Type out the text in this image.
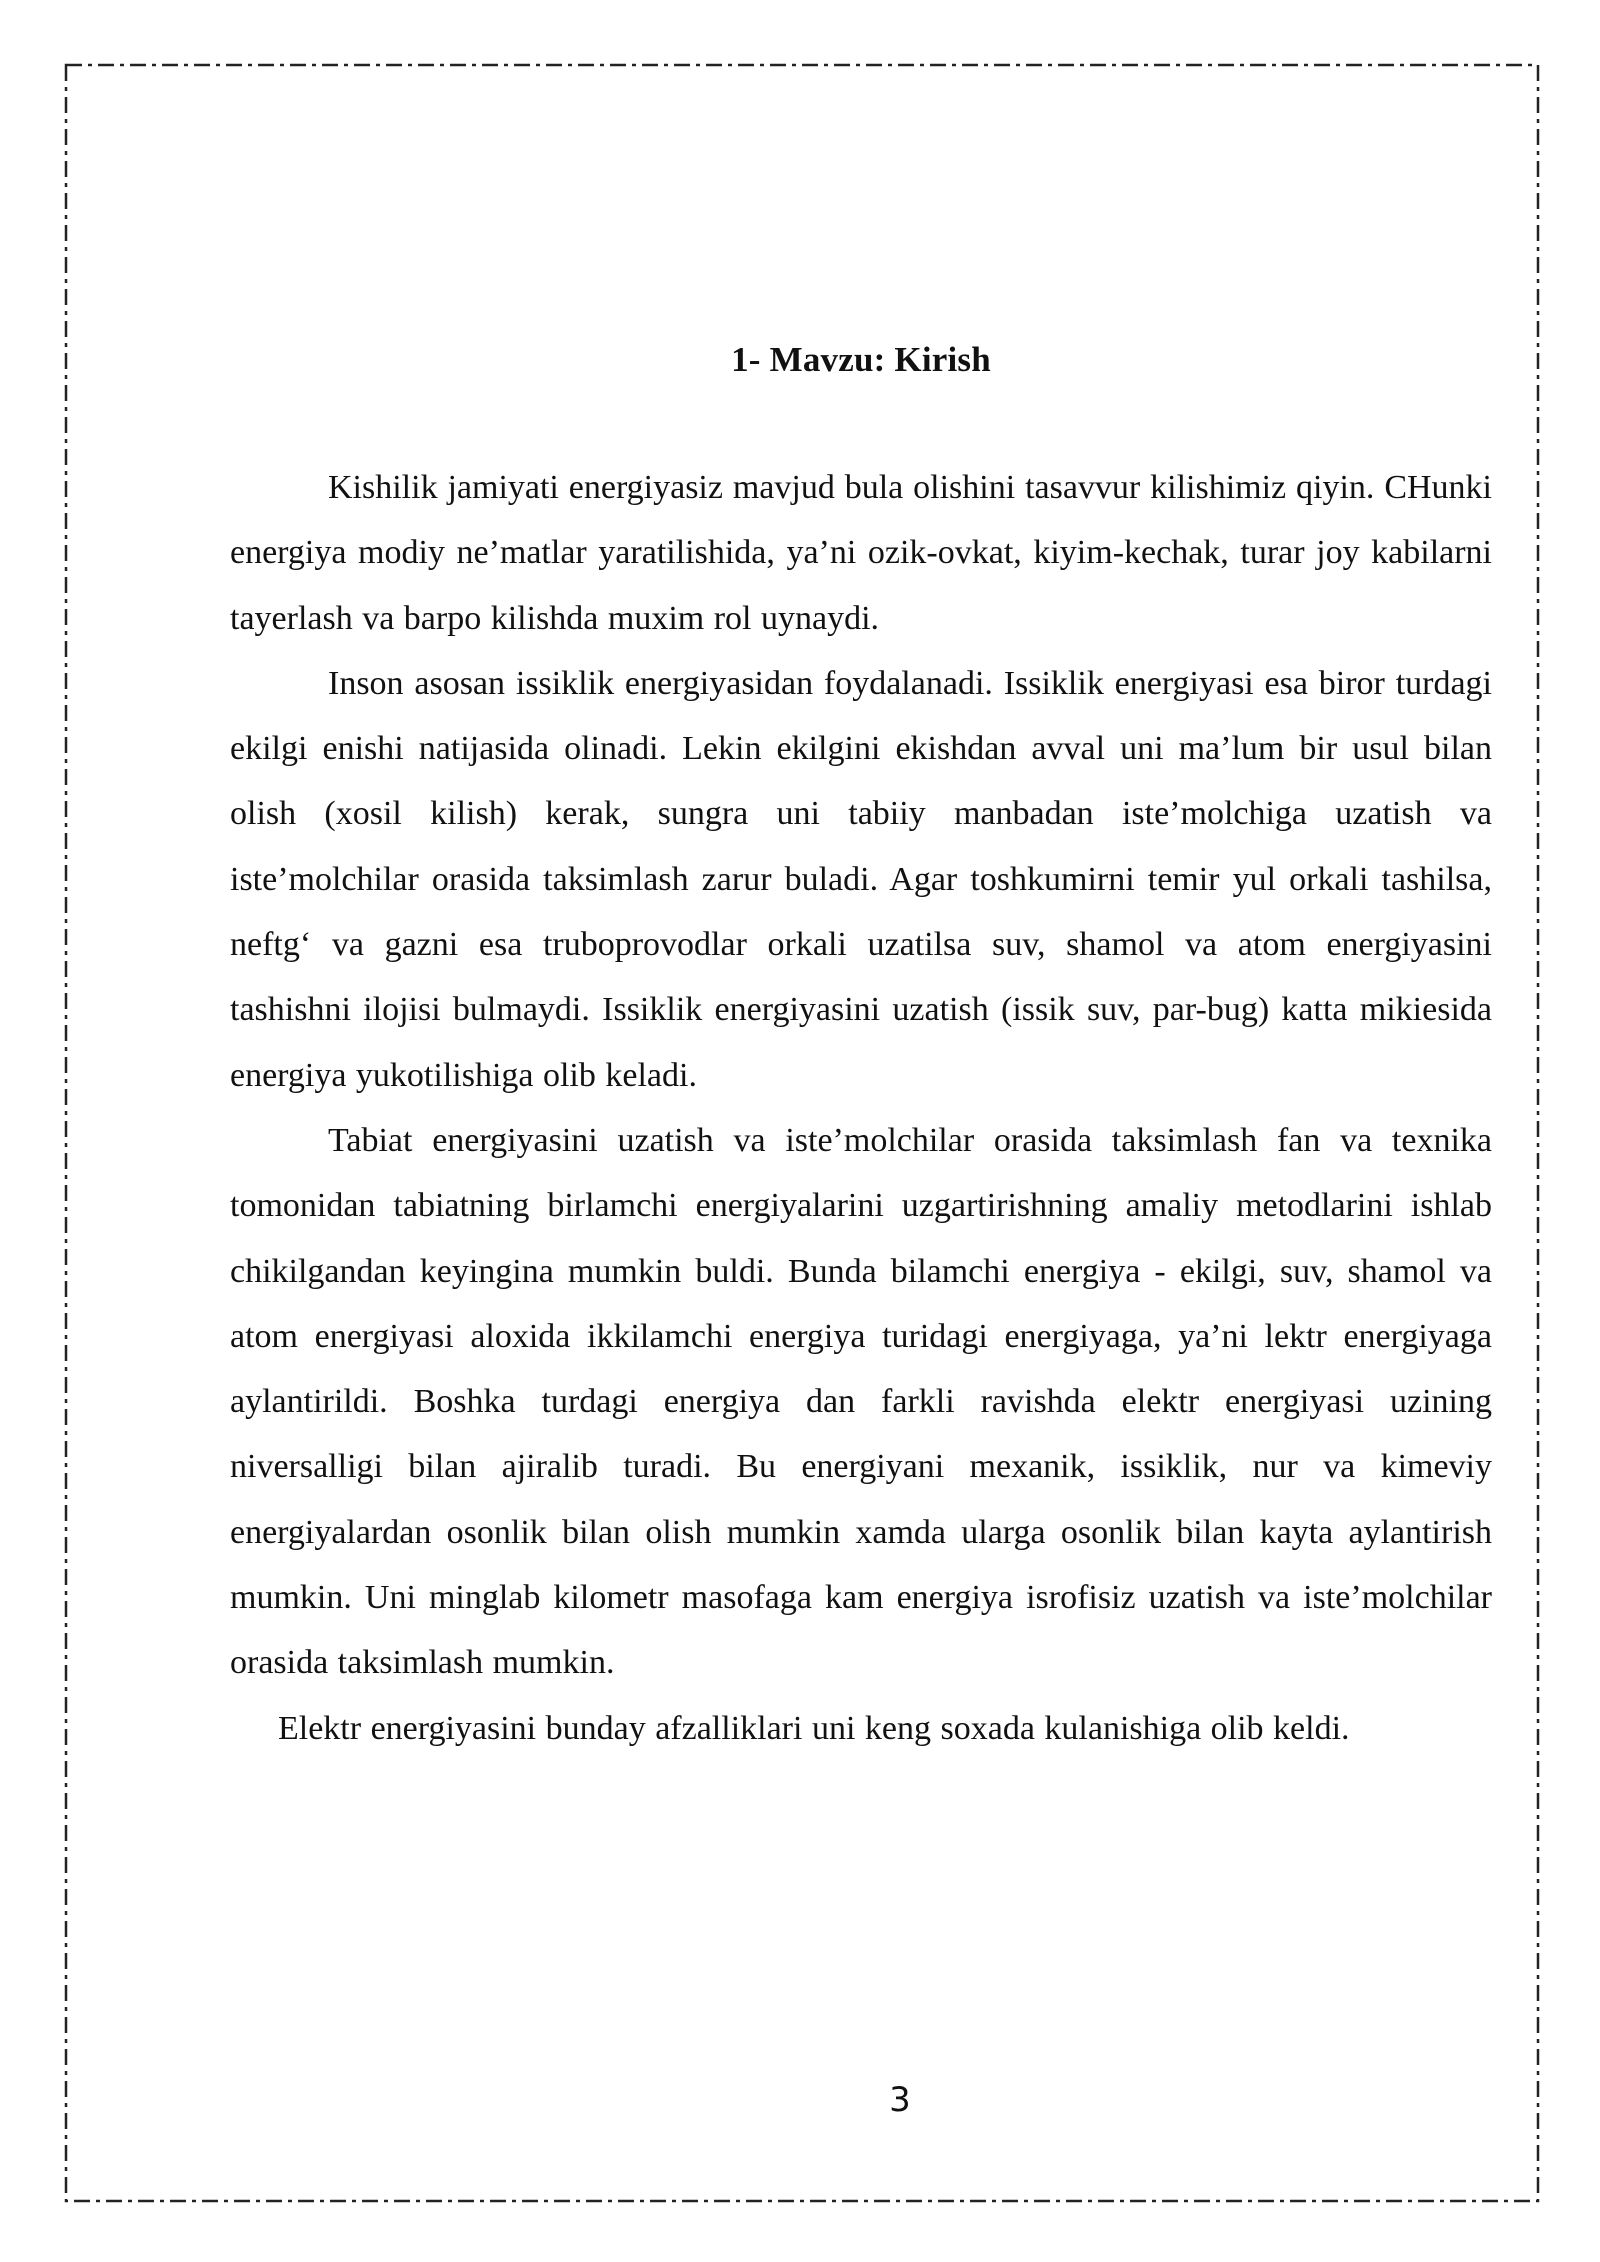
1- Mavzu: Kirish

Kishilik jamiyati energiyasiz mavjud bula olishini tasavvur kilishimiz qiyin. CHunki energiya modiy ne’matlar yaratilishida, ya’ni ozik-ovkat, kiyim-kechak, turar joy kabilarni tayerlash va barpo kilishda muxim rol uynaydi.

Inson asosan issiklik energiyasidan foydalanadi. Issiklik energiyasi esa biror turdagi ekilgi enishi natijasida olinadi. Lekin ekilgini ekishdan avval uni ma’lum bir usul bilan olish (xosil kilish) kerak, sungra uni tabiiy manbadan iste’molchiga uzatish va iste’molchilar orasida taksimlash zarur buladi. Agar toshkumirni temir yul orkali tashilsa, neftg‘ va gazni esa truboprovodlar orkali uzatilsa suv, shamol va atom energiyasini tashishni ilojisi bulmaydi. Issiklik energiyasini uzatish (issik suv, par-bug) katta mikiesida energiya yukotilishiga olib keladi.

Tabiat energiyasini uzatish va iste’molchilar orasida taksimlash fan va texnika tomonidan tabiatning birlamchi energiyalarini uzgartirishning amaliy metodlarini ishlab chikilgandan keyingina mumkin buldi. Bunda bilamchi energiya - ekilgi, suv, shamol va atom energiyasi aloxida ikkilamchi energiya turidagi energiyaga, ya’ni lektr energiyaga aylantirildi. Boshka turdagi energiya dan farkli ravishda elektr energiyasi uzining niversalligi bilan ajiralib turadi. Bu energiyani mexanik, issiklik, nur va kimeviy energiyalardan osonlik bilan olish mumkin xamda ularga osonlik bilan kayta aylantirish mumkin. Uni minglab kilometr masofaga kam energiya isrofisiz uzatish va iste’molchilar orasida taksimlash mumkin.

Elektr energiyasini bunday afzalliklari uni keng soxada kulanishiga olib keldi.

3
